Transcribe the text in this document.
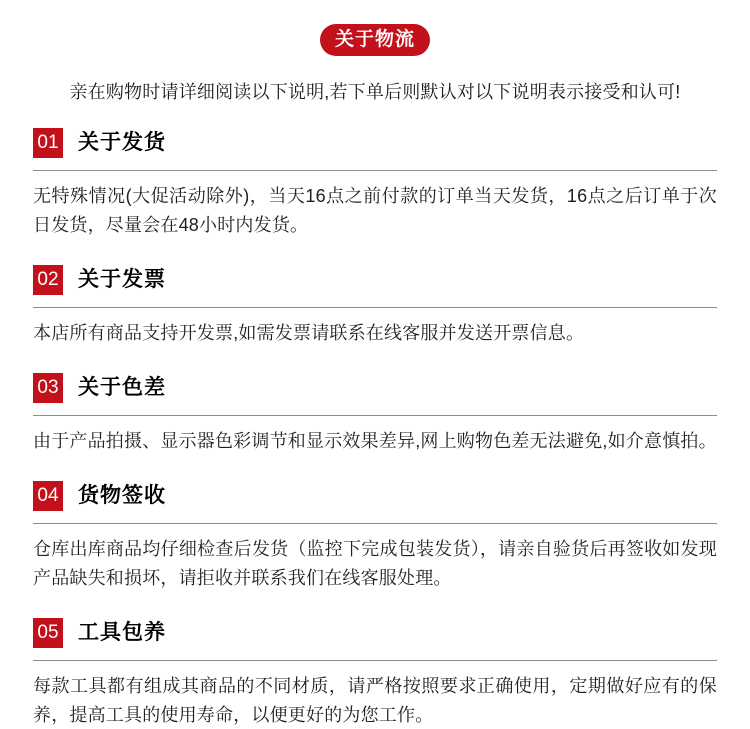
关于物流

亲在购物时请详细阅读以下说明,若下单后则默认对以下说明表示接受和认可!

01 关于发货

无特殊情况(大促活动除外)，当天16点之前付款的订单当天发货，16点之后订单于次日发货，尽量会在48小时内发货。

02 关于发票

本店所有商品支持开发票,如需发票请联系在线客服并发送开票信息。

03 关于色差

由于产品拍摄、显示器色彩调节和显示效果差异,网上购物色差无法避免,如介意慎拍。

04 货物签收

仓库出库商品均仔细检查后发货（监控下完成包装发货），请亲自验货后再签收如发现产品缺失和损坏，请拒收并联系我们在线客服处理。

05 工具包养

每款工具都有组成其商品的不同材质，请严格按照要求正确使用，定期做好应有的保养，提高工具的使用寿命，以便更好的为您工作。
